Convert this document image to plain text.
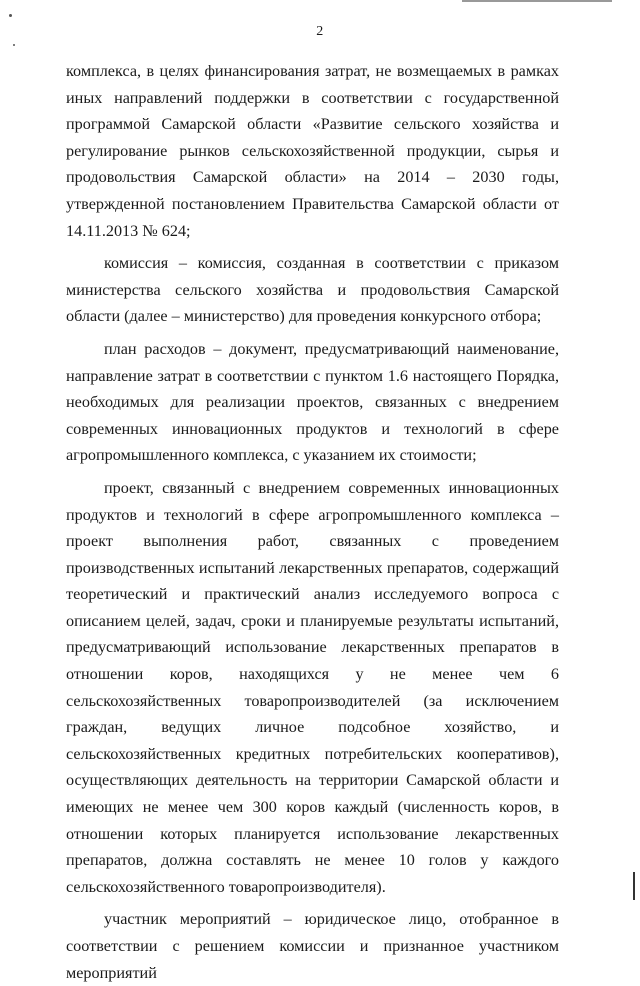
2

комплекса, в целях финансирования затрат, не возмещаемых в рамках иных направлений поддержки в соответствии с государственной программой Самарской области «Развитие сельского хозяйства и регулирование рынков сельскохозяйственной продукции, сырья и продовольствия Самарской области» на 2014 – 2030 годы, утвержденной постановлением Правительства Самарской области от 14.11.2013 № 624;

комиссия – комиссия, созданная в соответствии с приказом министерства сельского хозяйства и продовольствия Самарской области (далее – министерство) для проведения конкурсного отбора;

план расходов – документ, предусматривающий наименование, направление затрат в соответствии с пунктом 1.6 настоящего Порядка, необходимых для реализации проектов, связанных с внедрением современных инновационных продуктов и технологий в сфере агропромышленного комплекса, с указанием их стоимости;

проект, связанный с внедрением современных инновационных продуктов и технологий в сфере агропромышленного комплекса – проект выполнения работ, связанных с проведением производственных испытаний лекарственных препаратов, содержащий теоретический и практический анализ исследуемого вопроса с описанием целей, задач, сроки и планируемые результаты испытаний, предусматривающий использование лекарственных препаратов в отношении коров, находящихся у не менее чем 6 сельскохозяйственных товаропроизводителей (за исключением граждан, ведущих личное подсобное хозяйство, и сельскохозяйственных кредитных потребительских кооперативов), осуществляющих деятельность на территории Самарской области и имеющих не менее чем 300 коров каждый (численность коров, в отношении которых планируется использование лекарственных препаратов, должна составлять не менее 10 голов у каждого сельскохозяйственного товаропроизводителя).

участник мероприятий – юридическое лицо, отобранное в соответствии с решением комиссии и признанное участником мероприятий
